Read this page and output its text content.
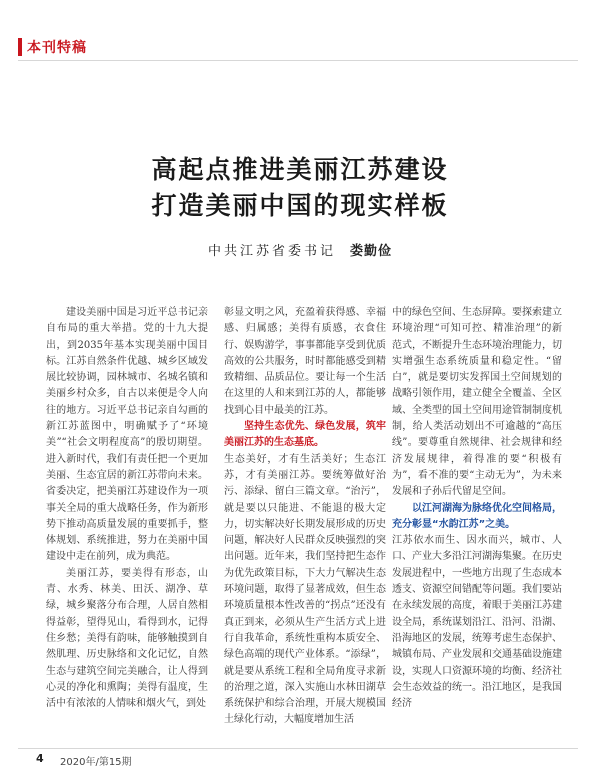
本刊特稿
高起点推进美丽江苏建设
打造美丽中国的现实样板
中共江苏省委书记 娄勤俭

建设美丽中国是习近平总书记亲自布局的重大举措。党的十九大提出，到2035年基本实现美丽中国目标。江苏自然条件优越、城乡区域发展比较协调，园林城市、名城名镇和美丽乡村众多，自古以来便是令人向往的地方。习近平总书记亲自勾画的新江苏蓝图中，明确赋予了“环境美”“社会文明程度高”的殷切期望。进入新时代，我们有责任把一个更加美丽、生态宜居的新江苏带向未来。省委决定，把美丽江苏建设作为一项事关全局的重大战略任务，作为新形势下推动高质量发展的重要抓手，整体规划、系统推进，努力在美丽中国建设中走在前列，成为典范。

美丽江苏，要美得有形态，山青、水秀、林美、田沃、湖净、草绿，城乡聚落分布合理，人居自然相得益彰，望得见山，看得到水，记得住乡愁；美得有韵味，能够触摸到自然肌理、历史脉络和文化记忆，自然生态与建筑空间完美融合，让人得到心灵的净化和熏陶；美得有温度，生活中有浓浓的人情味和烟火气，到处

彰显文明之风，充盈着获得感、幸福感、归属感；美得有质感，衣食住行、娱购游学，事事都能享受到优质高效的公共服务，时时都能感受到精致精细、品质品位。要让每一个生活在这里的人和来到江苏的人，都能够找到心目中最美的江苏。

坚持生态优先、绿色发展，筑牢美丽江苏的生态基底。

生态美好，才有生活美好；生态江苏，才有美丽江苏。要统筹做好治污、添绿、留白三篇文章。“治污”，就是要以只能进、不能退的极大定力，切实解决好长期发展形成的历史问题，解决好人民群众反映强烈的突出问题。近年来，我们坚持把生态作为优先政策目标，下大力气解决生态环境问题，取得了显著成效，但生态环境质量根本性改善的“拐点”还没有真正到来，必须从生产生活方式上进行自我革命，系统性重构本质安全、绿色高端的现代产业体系。“添绿”，就是要从系统工程和全局角度寻求新的治理之道，深入实施山水林田湖草系统保护和综合治理，开展大规模国土绿化行动，大幅度增加生活

中的绿色空间、生态屏障。要探索建立环境治理“可知可控、精准治理”的新范式，不断提升生态环境治理能力，切实增强生态系统质量和稳定性。“留白”，就是要切实发挥国土空间规划的战略引领作用，建立健全全覆盖、全区域、全类型的国土空间用途管制制度机制，给人类活动划出不可逾越的“高压线”。要尊重自然规律、社会规律和经济发展规律，着得准的要“积极有为”，看不准的要“主动无为”，为未来发展和子孙后代留足空间。

以江河湖海为脉络优化空间格局，充分彰显“水韵江苏”之美。

江苏依水而生、因水而兴，城市、人口、产业大多沿江河湖海集聚。在历史发展进程中，一些地方出现了生态成本透支、资源空间错配等问题。我们要站在永续发展的高度，着眼于美丽江苏建设全局，系统谋划沿江、沿河、沿湖、沿海地区的发展，统筹考虑生态保护、城镇布局、产业发展和交通基础设施建设，实现人口资源环境的均衡、经济社会生态效益的统一。沿江地区，是我国经济

4 2020年/第15期
